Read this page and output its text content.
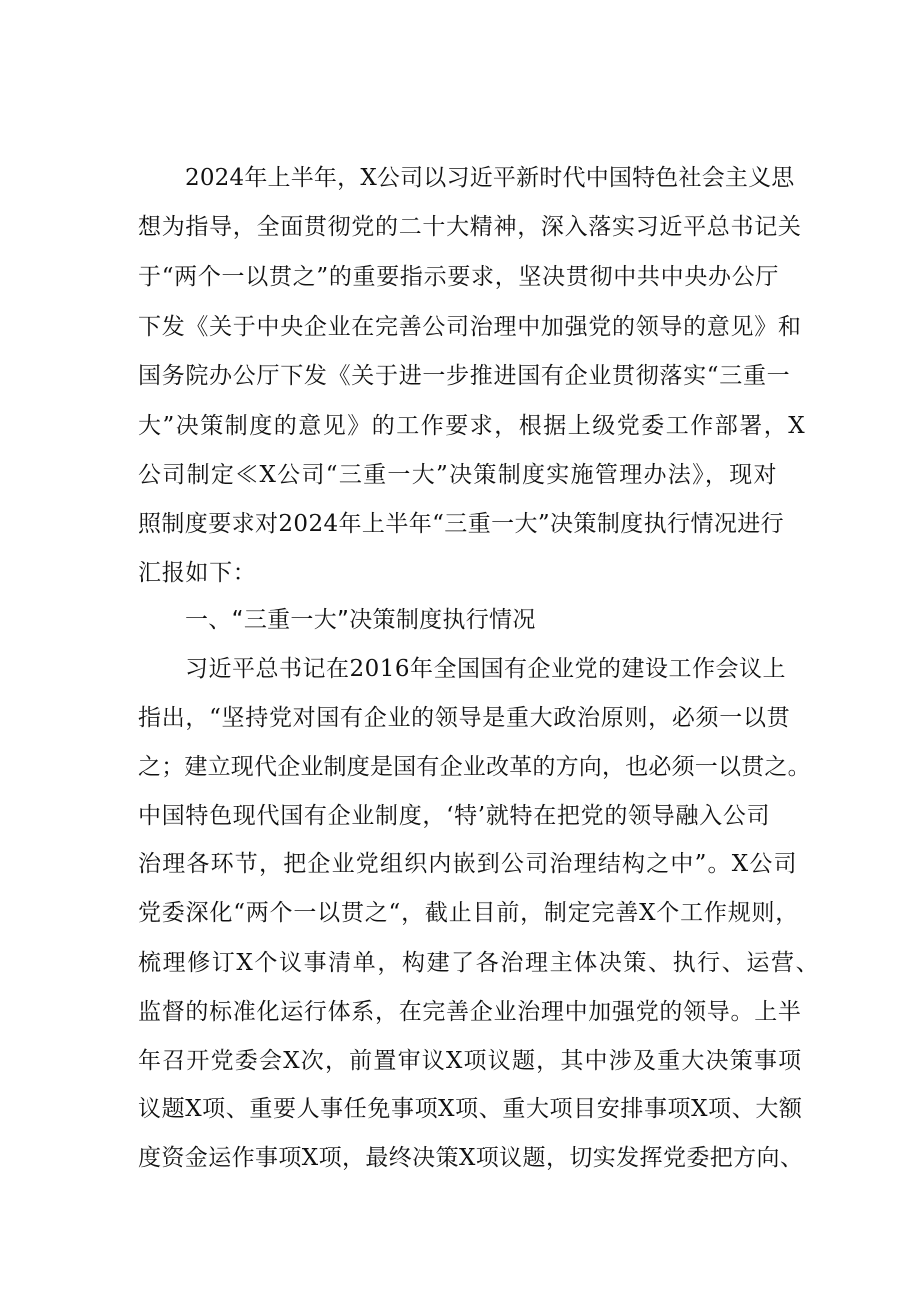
2024年上半年，X公司以习近平新时代中国特色社会主义思
想为指导，全面贯彻党的二十大精神，深入落实习近平总书记关
于“两个一以贯之”的重要指示要求，坚决贯彻中共中央办公厅
下发《关于中央企业在完善公司治理中加强党的领导的意见》和
国务院办公厅下发《关于进一步推进国有企业贯彻落实“三重一
大”决策制度的意见》的工作要求，根据上级党委工作部署，X
公司制定≪X公司“三重一大”决策制度实施管理办法》，现对
照制度要求对2024年上半年“三重一大”决策制度执行情况进行
汇报如下：
一、“三重一大”决策制度执行情况
习近平总书记在2016年全国国有企业党的建设工作会议上
指出，“坚持党对国有企业的领导是重大政治原则，必须一以贯
之；建立现代企业制度是国有企业改革的方向，也必须一以贯之。
中国特色现代国有企业制度，‘特’就特在把党的领导融入公司
治理各环节，把企业党组织内嵌到公司治理结构之中”。X公司
党委深化“两个一以贯之“，截止目前，制定完善X个工作规则，
梳理修订X个议事清单，构建了各治理主体决策、执行、运营、
监督的标准化运行体系，在完善企业治理中加强党的领导。上半
年召开党委会X次，前置审议X项议题，其中涉及重大决策事项
议题X项、重要人事任免事项X项、重大项目安排事项X项、大额
度资金运作事项X项，最终决策X项议题，切实发挥党委把方向、
